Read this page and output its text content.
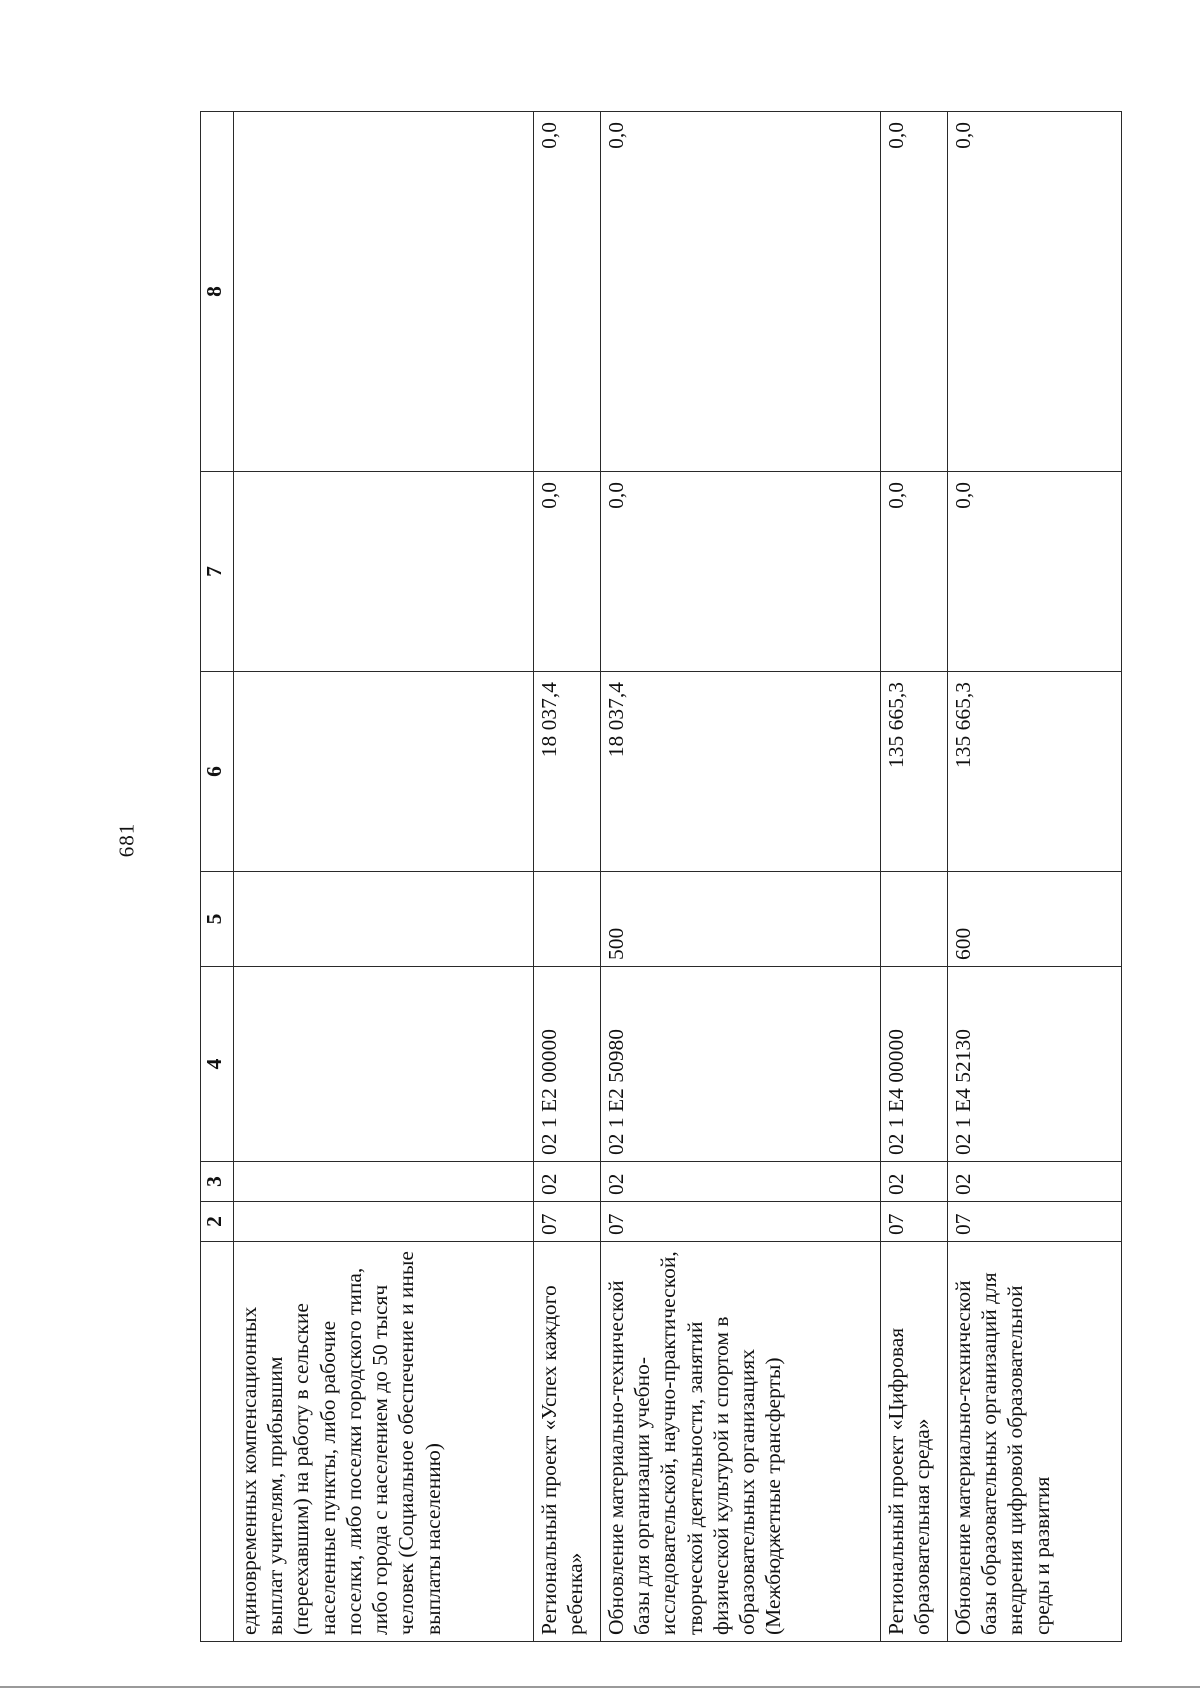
681
	2	3	4	5	6	7	8
единовременных компенсационных выплат учителям, прибывшим (переехавшим) на работу в сельские населенные пункты, либо рабочие поселки, либо поселки городского типа, либо города с населением до 50 тысяч человек (Социальное обеспечение и иные выплаты населению)							
Региональный проект «Успех каждого ребенка»	07	02	02 1 E2 00000		18 037,4	0,0	0,0
Обновление материально-технической базы для организации учебно-исследовательской, научно-практической, творческой деятельности, занятий физической культурой и спортом в образовательных организациях (Межбюджетные трансферты)	07	02	02 1 E2 50980	500	18 037,4	0,0	0,0
Региональный проект «Цифровая образовательная среда»	07	02	02 1 E4 00000		135 665,3	0,0	0,0
Обновление материально-технической базы образовательных организаций для внедрения цифровой образовательной среды и развития	07	02	02 1 E4 52130	600	135 665,3	0,0	0,0
